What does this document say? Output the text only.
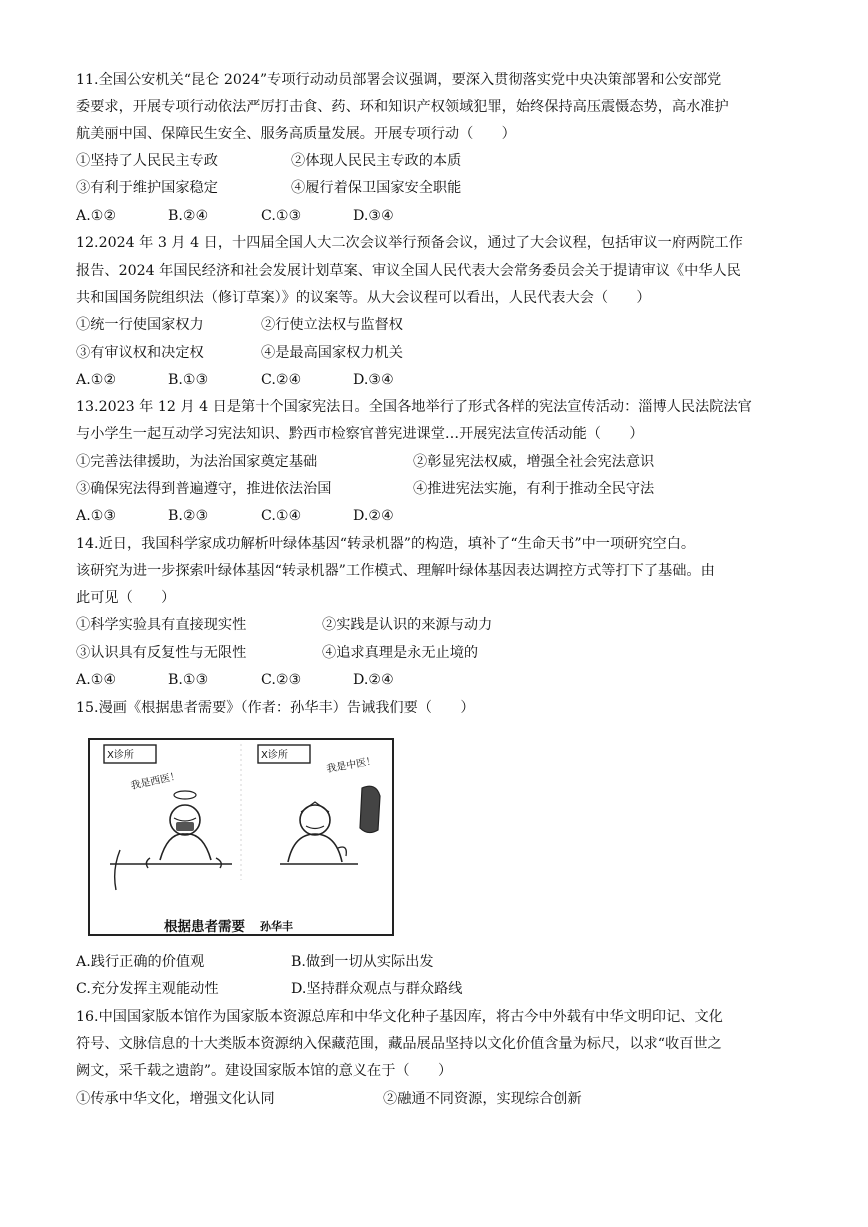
11.全国公安机关“昆仑 2024”专项行动动员部署会议强调，要深入贯彻落实党中央决策部署和公安部党
委要求，开展专项行动依法严厉打击食、药、环和知识产权领域犯罪，始终保持高压震慑态势，高水准护
航美丽中国、保障民生安全、服务高质量发展。开展专项行动（　　）
①坚持了人民民主专政	②体现人民民主专政的本质
③有利于维护国家稳定	④履行着保卫国家安全职能
A.①②	B.②④	C.①③	D.③④
12.2024 年 3 月 4 日，十四届全国人大二次会议举行预备会议，通过了大会议程，包括审议一府两院工作
报告、2024 年国民经济和社会发展计划草案、审议全国人民代表大会常务委员会关于提请审议《中华人民
共和国国务院组织法（修订草案）》的议案等。从大会议程可以看出，人民代表大会（　　）
①统一行使国家权力	②行使立法权与监督权
③有审议权和决定权	④是最高国家权力机关
A.①②	B.①③	C.②④	D.③④
13.2023 年 12 月 4 日是第十个国家宪法日。全国各地举行了形式各样的宪法宣传活动：淄博人民法院法官
与小学生一起互动学习宪法知识、黔西市检察官普宪进课堂…开展宪法宣传活动能（　　）
①完善法律援助，为法治国家奠定基础	②彰显宪法权威，增强全社会宪法意识
③确保宪法得到普遍遵守，推进依法治国	④推进宪法实施，有利于推动全民守法
A.①③	B.②③	C.①④	D.②④
14.近日，我国科学家成功解析叶绿体基因“转录机器”的构造，填补了“生命天书”中一项研究空白。
该研究为进一步探索叶绿体基因“转录机器”工作模式、理解叶绿体基因表达调控方式等打下了基础。由
此可见（　　）
①科学实验具有直接现实性	②实践是认识的来源与动力
③认识具有反复性与无限性	④追求真理是永无止境的
A.①④	B.①③	C.②③	D.②④
15.漫画《根据患者需要》（作者：孙华丰）告诫我们要（　　）
X诊所
我是西医！
X诊所
我是中医！
根据患者需要 孙华丰
A.践行正确的价值观	B.做到一切从实际出发
C.充分发挥主观能动性	D.坚持群众观点与群众路线
16.中国国家版本馆作为国家版本资源总库和中华文化种子基因库，将古今中外载有中华文明印记、文化
符号、文脉信息的十大类版本资源纳入保藏范围，藏品展品坚持以文化价值含量为标尺，以求“收百世之
阙文，采千载之遗韵”。建设国家版本馆的意义在于（　　）
①传承中华文化，增强文化认同	②融通不同资源，实现综合创新
